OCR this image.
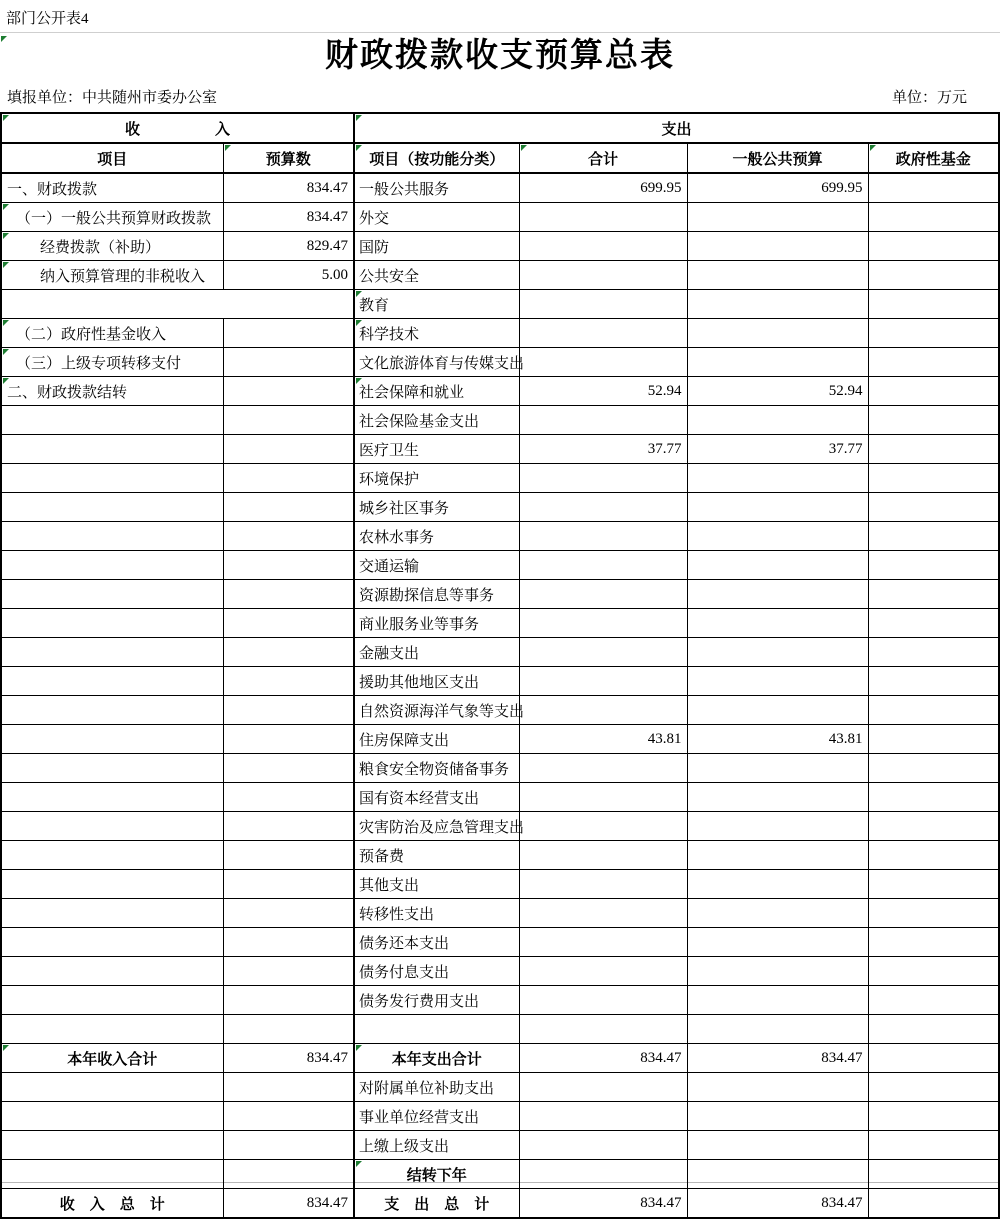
部门公开表4
财政拨款收支预算总表
填报单位：中共随州市委办公室	单位：万元
收　　　　　入		支出			
项目	预算数	项目（按功能分类）	合计	一般公共预算	政府性基金
一、财政拨款	834.47	一般公共服务	699.95	699.95	
（一）一般公共预算财政拨款	834.47	外交			
经费拨款（补助）	829.47	国防			
纳入预算管理的非税收入	5.00	公共安全			
		教育			
（二）政府性基金收入		科学技术			
（三）上级专项转移支付		文化旅游体育与传媒支出			
二、财政拨款结转		社会保障和就业	52.94	52.94	
		社会保险基金支出			
		医疗卫生	37.77	37.77	
		环境保护			
		城乡社区事务			
		农林水事务			
		交通运输			
		资源勘探信息等事务			
		商业服务业等事务			
		金融支出			
		援助其他地区支出			
		自然资源海洋气象等支出			
		住房保障支出	43.81	43.81	
		粮食安全物资储备事务			
		国有资本经营支出			
		灾害防治及应急管理支出			
		预备费			
		其他支出			
		转移性支出			
		债务还本支出			
		债务付息支出			
		债务发行费用支出			

本年收入合计	834.47	本年支出合计	834.47	834.47	
		对附属单位补助支出			
		事业单位经营支出			
		上缴上级支出			
		结转下年			
收　入　总　计	834.47	支　出　总　计	834.47	834.47	
